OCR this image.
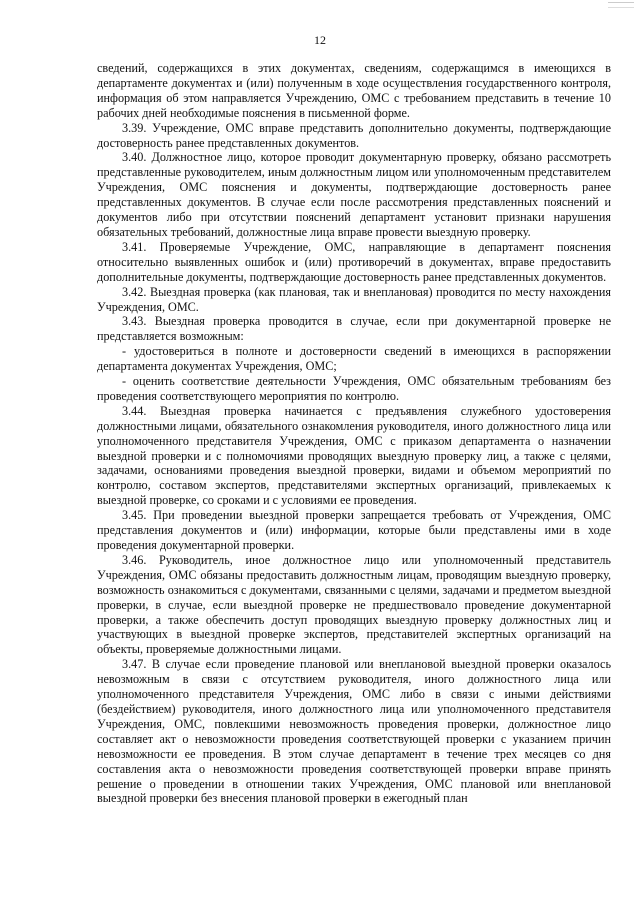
12

сведений, содержащихся в этих документах, сведениям, содержащимся в имеющихся в департаменте документах и (или) полученным в ходе осуществления государственного контроля, информация об этом направляется Учреждению, ОМС с требованием представить в течение 10 рабочих дней необходимые пояснения в письменной форме.

3.39. Учреждение, ОМС вправе представить дополнительно документы, подтверждающие достоверность ранее представленных документов.

3.40. Должностное лицо, которое проводит документарную проверку, обязано рассмотреть представленные руководителем, иным должностным лицом или уполномоченным представителем Учреждения, ОМС пояснения и документы, подтверждающие достоверность ранее представленных документов. В случае если после рассмотрения представленных пояснений и документов либо при отсутствии пояснений департамент установит признаки нарушения обязательных требований, должностные лица вправе провести выездную проверку.

3.41. Проверяемые Учреждение, ОМС, направляющие в департамент пояснения относительно выявленных ошибок и (или) противоречий в документах, вправе предоставить дополнительные документы, подтверждающие достоверность ранее представленных документов.

3.42. Выездная проверка (как плановая, так и внеплановая) проводится по месту нахождения Учреждения, ОМС.

3.43. Выездная проверка проводится в случае, если при документарной проверке не представляется возможным:

- удостовериться в полноте и достоверности сведений в имеющихся в распоряжении департамента документах Учреждения, ОМС;

- оценить соответствие деятельности Учреждения, ОМС обязательным требованиям без проведения соответствующего мероприятия по контролю.

3.44. Выездная проверка начинается с предъявления служебного удостоверения должностными лицами, обязательного ознакомления руководителя, иного должностного лица или уполномоченного представителя Учреждения, ОМС с приказом департамента о назначении выездной проверки и с полномочиями проводящих выездную проверку лиц, а также с целями, задачами, основаниями проведения выездной проверки, видами и объемом мероприятий по контролю, составом экспертов, представителями экспертных организаций, привлекаемых к выездной проверке, со сроками и с условиями ее проведения.

3.45. При проведении выездной проверки запрещается требовать от Учреждения, ОМС представления документов и (или) информации, которые были представлены ими в ходе проведения документарной проверки.

3.46. Руководитель, иное должностное лицо или уполномоченный представитель Учреждения, ОМС обязаны предоставить должностным лицам, проводящим выездную проверку, возможность ознакомиться с документами, связанными с целями, задачами и предметом выездной проверки, в случае, если выездной проверке не предшествовало проведение документарной проверки, а также обеспечить доступ проводящих выездную проверку должностных лиц и участвующих в выездной проверке экспертов, представителей экспертных организаций на объекты, проверяемые должностными лицами.

3.47. В случае если проведение плановой или внеплановой выездной проверки оказалось невозможным в связи с отсутствием руководителя, иного должностного лица или уполномоченного представителя Учреждения, ОМС либо в связи с иными действиями (бездействием) руководителя, иного должностного лица или уполномоченного представителя Учреждения, ОМС, повлекшими невозможность проведения проверки, должностное лицо составляет акт о невозможности проведения соответствующей проверки с указанием причин невозможности ее проведения. В этом случае департамент в течение трех месяцев со дня составления акта о невозможности проведения соответствующей проверки вправе принять решение о проведении в отношении таких Учреждения, ОМС плановой или внеплановой выездной проверки без внесения плановой проверки в ежегодный план
